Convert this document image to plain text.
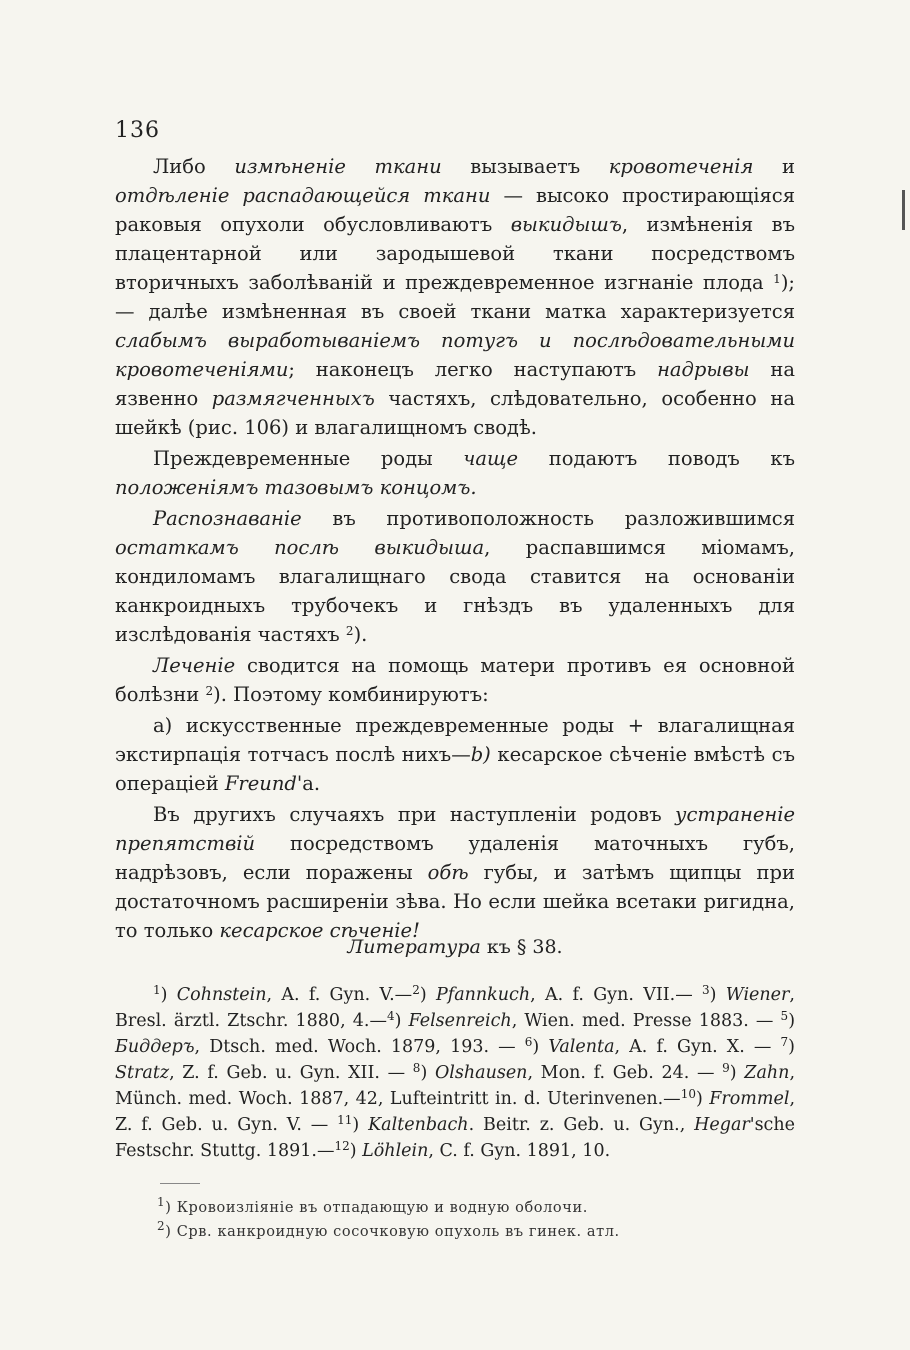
136

Либо измѣненіе ткани вызываетъ кровотеченія и отдѣленіе распадающейся ткани — высоко простирающіяся раковыя опухоли обусловливаютъ выкидышъ, измѣненія въ плацентарной или зародышевой ткани посредствомъ вторичныхъ заболѣваній и преждевременное изгнаніе плода $^1$); — далѣе измѣненная въ своей ткани матка характеризуется слабымъ выработываніемъ потугъ и послѣдовательными кровотеченіями; наконецъ легко наступаютъ надрывы на язвенно размягченныхъ частяхъ, слѣдовательно, особенно на шейкѣ (рис. 106) и влагалищномъ сводѣ.

Преждевременные роды чаще подаютъ поводъ къ положеніямъ тазовымъ концомъ.

Распознаваніе въ противоположность разложившимся остаткамъ послѣ выкидыша, распавшимся міомамъ, кондиломамъ влагалищнаго свода ставится на основаніи канкроидныхъ трубочекъ и гнѣздъ въ удаленныхъ для изслѣдованія частяхъ $^2$).

Леченіе сводится на помощь матери противъ ея основной болѣзни $^2$). Поэтому комбинируютъ:

a) искусственные преждевременные роды + влагалищная экстирпація тотчасъ послѣ нихъ—b) кесарское сѣченіе вмѣстѣ съ операціей Freund'а.

Въ другихъ случаяхъ при наступленіи родовъ устраненіе препятствій посредствомъ удаленія маточныхъ губъ, надрѣзовъ, если поражены обѣ губы, и затѣмъ щипцы при достаточномъ расширеніи зѣва. Но если шейка всетаки ригидна, то только кесарское сѣченіе!

Литература къ § 38.
$^1$) Cohnstein, A. f. Gyn. V.—$^2$) Pfannkuch, A. f. Gyn. VII.— $^3$) Wiener, Bresl. ärztl. Ztschr. 1880, 4.—$^4$) Felsenreich, Wien. med. Presse 1883. — $^5$) Биддеръ, Dtsch. med. Woch. 1879, 193. — $^6$) Valenta, A. f. Gyn. X. — $^7$) Stratz, Z. f. Geb. u. Gyn. XII. — $^8$) Olshausen, Mon. f. Geb. 24. — $^9$) Zahn, Münch. med. Woch. 1887, 42, Lufteintritt in. d. Uterinvenen.—$^{10}$) Frommel, Z. f. Geb. u. Gyn. V. — $^{11}$) Kaltenbach. Beitr. z. Geb. u. Gyn., Hegar'sche Festschr. Stuttg. 1891.—$^{12}$) Löhlein, C. f. Gyn. 1891, 10.
$^1$) Кровоизліяніе въ отпадающую и водную оболочи.
$^2$) Срв. канкроидную сосочковую опухоль въ гинек. атл.
